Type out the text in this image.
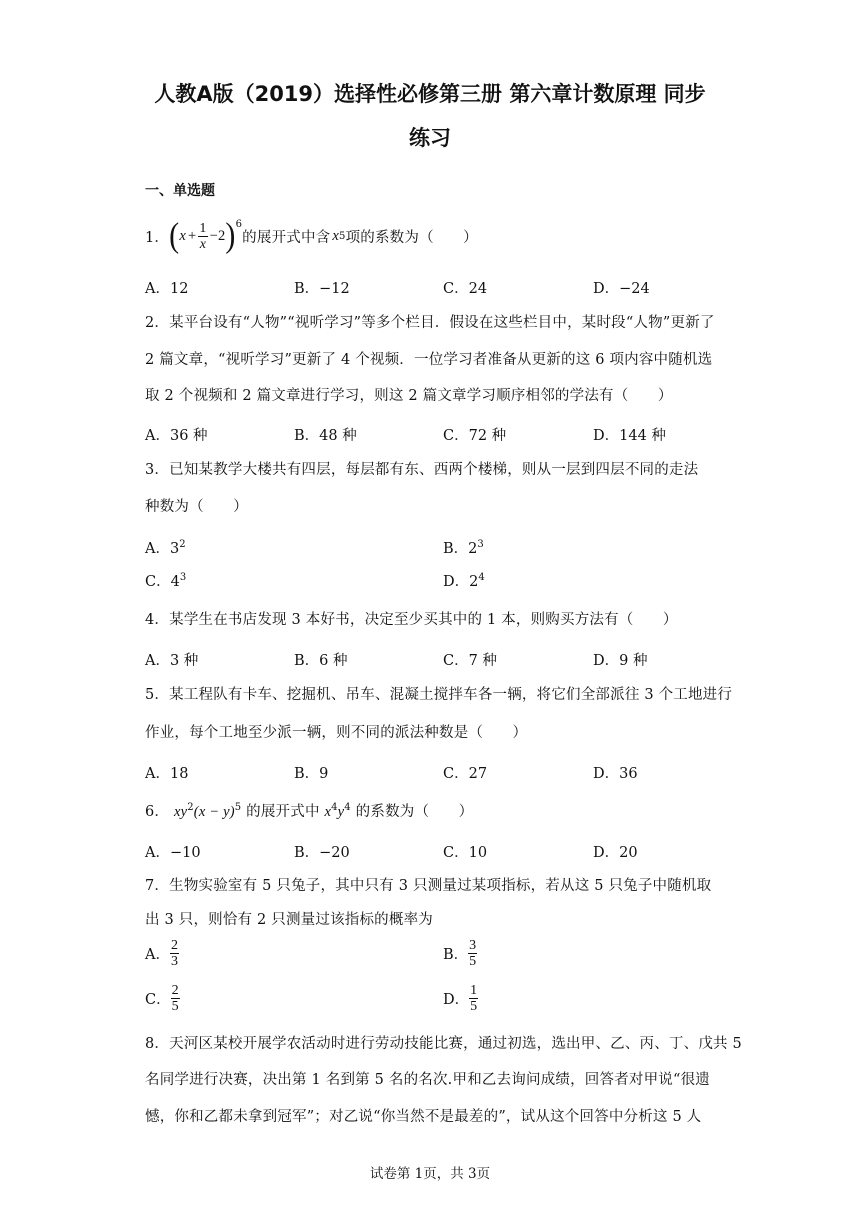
人教A版（2019）选择性必修第三册 第六章计数原理 同步
练习
一、单选题
1． ( $x + \frac{1}{x} -2$ )$^6$
的展开式中含 x 5 项的系数为（　　）
A．12	B．−12	C．24	D．−24
2．某平台设有“人物”“视听学习”等多个栏目．假设在这些栏目中，某时段“人物”更新了
2 篇文章，“视听学习”更新了 4 个视频．一位学习者准备从更新的这 6 项内容中随机选
取 2 个视频和 2 篇文章进行学习，则这 2 篇文章学习顺序相邻的学法有（　　）
A．36 种	B．48 种	C．72 种	D．144 种
3．已知某教学大楼共有四层，每层都有东、西两个楼梯，则从一层到四层不同的走法
种数为（　　）
A．$3^2$	B．$2^3$
C．$4^3$	D．$2^4$
4．某学生在书店发现 3 本好书，决定至少买其中的 1 本，则购买方法有（　　）
A．3 种	B．6 种	C．7 种	D．9 种
5．某工程队有卡车、挖掘机、吊车、混凝土搅拌车各一辆，将它们全部派往 3 个工地进行
作业，每个工地至少派一辆，则不同的派法种数是（　　）
A．18	B．9	C．27	D．36
6． $xy^2(x - y)^5$ 的展开式中 $x^4y^4$ 的系数为（　　）
A．−10	B．−20	C．10	D．20
7．生物实验室有 5 只兔子，其中只有 3 只测量过某项指标，若从这 5 只兔子中随机取
出 3 只，则恰有 2 只测量过该指标的概率为
A． $\frac{2}{3}$	B． $\frac{3}{5}$
C． $\frac{2}{5}$	D． $\frac{1}{5}$
8．天河区某校开展学农活动时进行劳动技能比赛，通过初选，选出甲、乙、丙、丁、戊共 5
名同学进行决赛，决出第 1 名到第 5 名的名次.甲和乙去询问成绩，回答者对甲说“很遗
憾，你和乙都未拿到冠军”；对乙说“你当然不是最差的”，试从这个回答中分析这 5 人
试卷第 1页，共 3页
